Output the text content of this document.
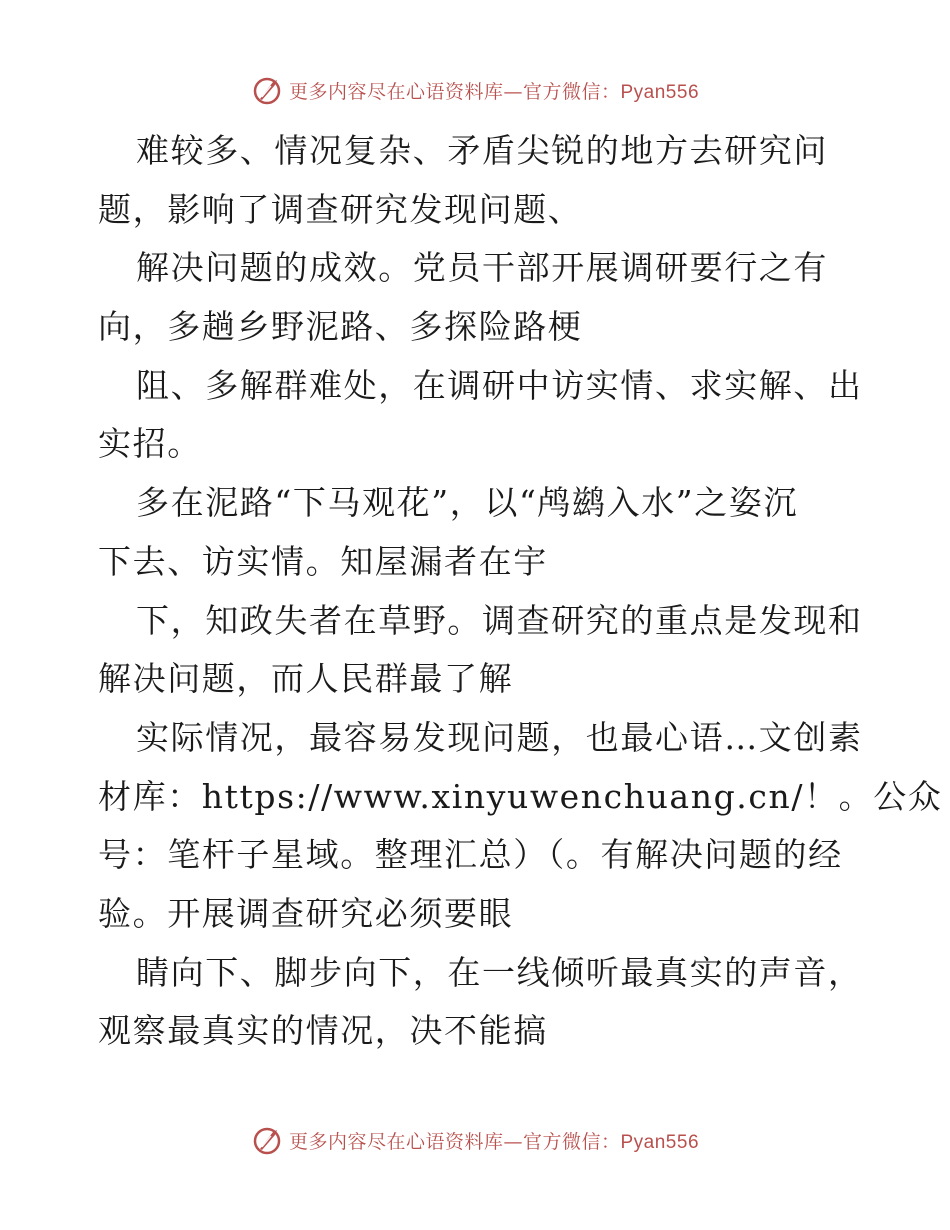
更多内容尽在心语资料库—官方微信：Pyan556
难较多、情况复杂、矛盾尖锐的地方去研究问
题，影响了调查研究发现问题、
解决问题的成效。党员干部开展调研要行之有
向，多趟乡野泥路、多探险路梗
阻、多解群难处，在调研中访实情、求实解、出
实招。
多在泥路“下马观花”，以“鸬鹚入水”之姿沉
下去、访实情。知屋漏者在宇
下，知政失者在草野。调查研究的重点是发现和
解决问题，而人民群最了解
实际情况，最容易发现问题，也最心语…文创素
材库：https://www.xinyuwenchuang.cn/！。公众
号：笔杆子星域。整理汇总）（。有解决问题的经
验。开展调查研究必须要眼
睛向下、脚步向下，在一线倾听最真实的声音，
观察最真实的情况，决不能搞
更多内容尽在心语资料库—官方微信：Pyan556
